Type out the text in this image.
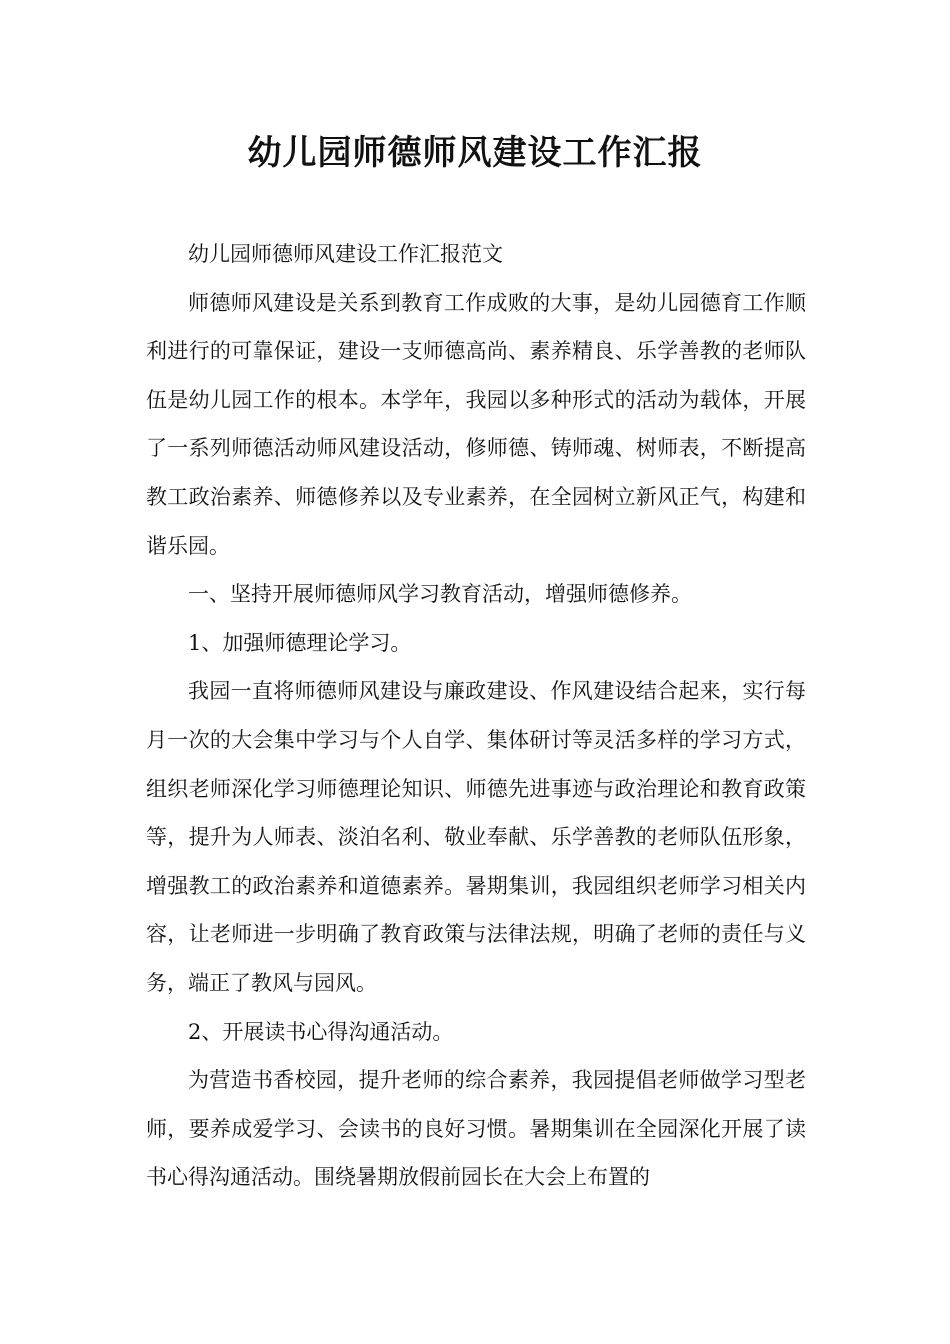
幼儿园师德师风建设工作汇报

幼儿园师德师风建设工作汇报范文

师德师风建设是关系到教育工作成败的大事，是幼儿园德育工作顺利进行的可靠保证，建设一支师德高尚、素养精良、乐学善教的老师队伍是幼儿园工作的根本。本学年，我园以多种形式的活动为载体，开展了一系列师德活动师风建设活动，修师德、铸师魂、树师表，不断提高教工政治素养、师德修养以及专业素养，在全园树立新风正气，构建和谐乐园。

一、坚持开展师德师风学习教育活动，增强师德修养。

1、加强师德理论学习。

我园一直将师德师风建设与廉政建设、作风建设结合起来，实行每月一次的大会集中学习与个人自学、集体研讨等灵活多样的学习方式，组织老师深化学习师德理论知识、师德先进事迹与政治理论和教育政策等，提升为人师表、淡泊名利、敬业奉献、乐学善教的老师队伍形象，增强教工的政治素养和道德素养。暑期集训，我园组织老师学习相关内容，让老师进一步明确了教育政策与法律法规，明确了老师的责任与义务，端正了教风与园风。

2、开展读书心得沟通活动。

为营造书香校园，提升老师的综合素养，我园提倡老师做学习型老师，要养成爱学习、会读书的良好习惯。暑期集训在全园深化开展了读书心得沟通活动。围绕暑期放假前园长在大会上布置的
